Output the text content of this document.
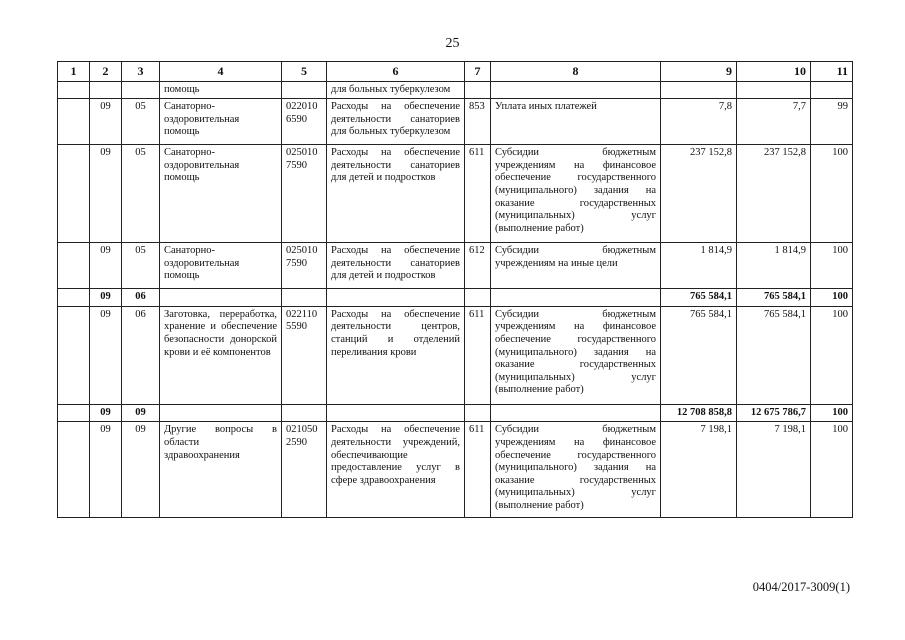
25
1	2	3	4	5	6	7	8	9	10	11
			помощь		для больных туберкулезом					
	09	05	Санаторно-оздоровительная помощь	022010 6590	Расходы на обеспечение деятельности санаториев для больных туберкулезом	853	Уплата иных платежей	7,8	7,7	99
	09	05	Санаторно-оздоровительная помощь	025010 7590	Расходы на обеспечение деятельности санаториев для детей и подростков	611	Субсидии бюджетным учреждениям на финансовое обеспечение государственного (муниципального) задания на оказание государственных (муниципальных) услуг (выполнение работ)	237 152,8	237 152,8	100
	09	05	Санаторно-оздоровительная помощь	025010 7590	Расходы на обеспечение деятельности санаториев для детей и подростков	612	Субсидии бюджетным учреждениям на иные цели	1 814,9	1 814,9	100
	09	06						765 584,1	765 584,1	100
	09	06	Заготовка, переработка, хранение и обеспечение безопасности донорской крови и её компонентов	022110 5590	Расходы на обеспечение деятельности центров, станций и отделений переливания крови	611	Субсидии бюджетным учреждениям на финансовое обеспечение государственного (муниципального) задания на оказание государственных (муниципальных) услуг (выполнение работ)	765 584,1	765 584,1	100
	09	09						12 708 858,8	12 675 786,7	100
	09	09	Другие вопросы в области здравоохранения	021050 2590	Расходы на обеспечение деятельности учреждений, обеспечивающие предоставление услуг в сфере здравоохранения	611	Субсидии бюджетным учреждениям на финансовое обеспечение государственного (муниципального) задания на оказание государственных (муниципальных) услуг (выполнение работ)	7 198,1	7 198,1	100
0404/2017-3009(1)
